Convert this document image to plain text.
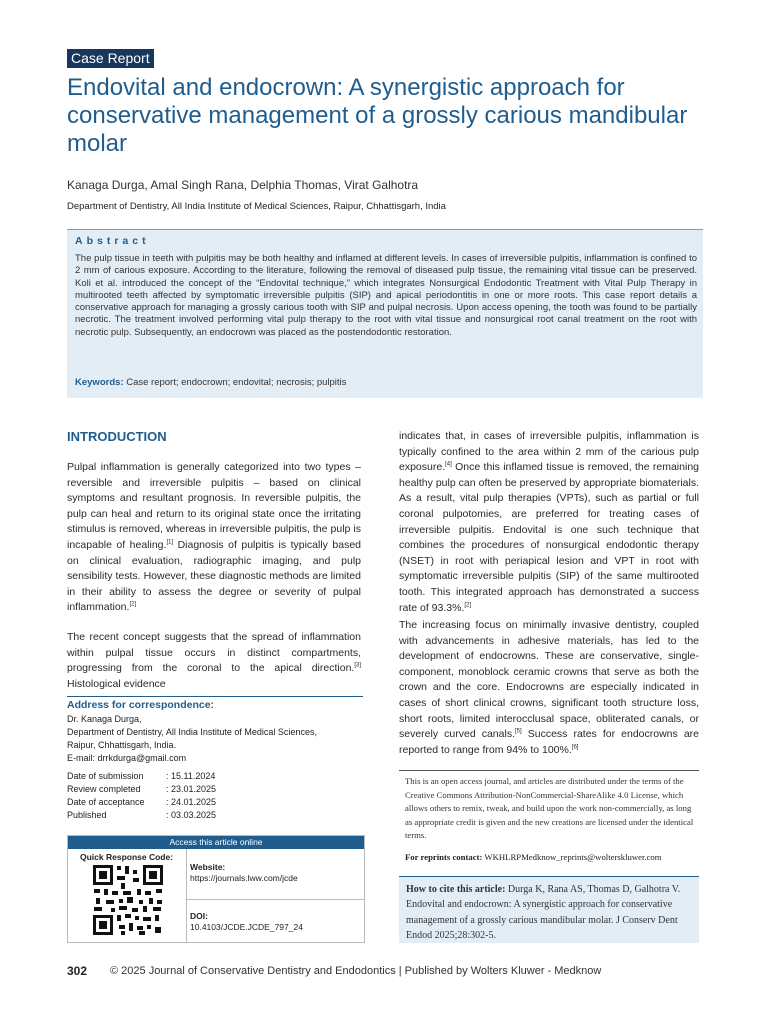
Case Report
Endovital and endocrown: A synergistic approach for conservative management of a grossly carious mandibular molar
Kanaga Durga, Amal Singh Rana, Delphia Thomas, Virat Galhotra
Department of Dentistry, All India Institute of Medical Sciences, Raipur, Chhattisgarh, India
Abstract

The pulp tissue in teeth with pulpitis may be both healthy and inflamed at different levels. In cases of irreversible pulpitis, inflammation is confined to 2 mm of carious exposure. According to the literature, following the removal of diseased pulp tissue, the remaining vital tissue can be preserved. Koli et al. introduced the concept of the “Endovital technique,” which integrates Nonsurgical Endodontic Treatment with Vital Pulp Therapy in multirooted teeth affected by symptomatic irreversible pulpitis (SIP) and apical periodontitis in one or more roots. This case report details a conservative approach for managing a grossly carious tooth with SIP and pulpal necrosis. Upon access opening, the tooth was found to be partially necrotic. The treatment involved performing vital pulp therapy to the root with vital tissue and nonsurgical root canal treatment on the root with necrotic pulp. Subsequently, an endocrown was placed as the postendodontic restoration.

Keywords: Case report; endocrown; endovital; necrosis; pulpitis
INTRODUCTION

Pulpal inflammation is generally categorized into two types – reversible and irreversible pulpitis – based on clinical symptoms and resultant prognosis. In reversible pulpitis, the pulp can heal and return to its original state once the irritating stimulus is removed, whereas in irreversible pulpitis, the pulp is incapable of healing.[1] Diagnosis of pulpitis is typically based on clinical evaluation, radiographic imaging, and pulp sensibility tests. However, these diagnostic methods are limited in their ability to assess the degree or severity of pulpal inflammation.[2]

The recent concept suggests that the spread of inflammation within pulpal tissue occurs in distinct compartments, progressing from the coronal to the apical direction.[3] Histological evidence

indicates that, in cases of irreversible pulpitis, inflammation is typically confined to the area within 2 mm of the carious pulp exposure.[4] Once this inflamed tissue is removed, the remaining healthy pulp can often be preserved by appropriate biomaterials. As a result, vital pulp therapies (VPTs), such as partial or full coronal pulpotomies, are preferred for treating cases of irreversible pulpitis. Endovital is one such technique that combines the procedures of nonsurgical endodontic therapy (NSET) in root with periapical lesion and VPT in root with symptomatic irreversible pulpitis (SIP) of the same multirooted tooth. This integrated approach has demonstrated a success rate of 93.3%.[2]

The increasing focus on minimally invasive dentistry, coupled with advancements in adhesive materials, has led to the development of endocrowns. These are conservative, single-component, monoblock ceramic crowns that serve as both the crown and the core. Endocrowns are especially indicated in cases of short clinical crowns, significant tooth structure loss, short roots, limited interocclusal space, obliterated canals, or severely curved canals.[5] Success rates for endocrowns are reported to range from 94% to 100%.[6]

Address for correspondence:
Dr. Kanaga Durga,
Department of Dentistry, All India Institute of Medical Sciences,
Raipur, Chhattisgarh, India.
E-mail: drrkdurga@gmail.com
Date of submission : 15.11.2024
Review completed	: 23.01.2025
Date of acceptance : 24.01.2025
Published	: 03.03.2025
Access this article online
Quick Response Code:
Website:
https://journals.lww.com/jcde
DOI:
10.4103/JCDE.JCDE_797_24

This is an open access journal, and articles are distributed under the terms of the Creative Commons Attribution-NonCommercial-ShareAlike 4.0 License, which allows others to remix, tweak, and build upon the work non-commercially, as long as appropriate credit is given and the new creations are licensed under the identical terms.

For reprints contact: WKHLRPMedknow_reprints@wolterskluwer.com

How to cite this article: Durga K, Rana AS, Thomas D, Galhotra V. Endovital and endocrown: A synergistic approach for conservative management of a grossly carious mandibular molar. J Conserv Dent Endod 2025;28:302-5.

302 © 2025 Journal of Conservative Dentistry and Endodontics | Published by Wolters Kluwer - Medknow
